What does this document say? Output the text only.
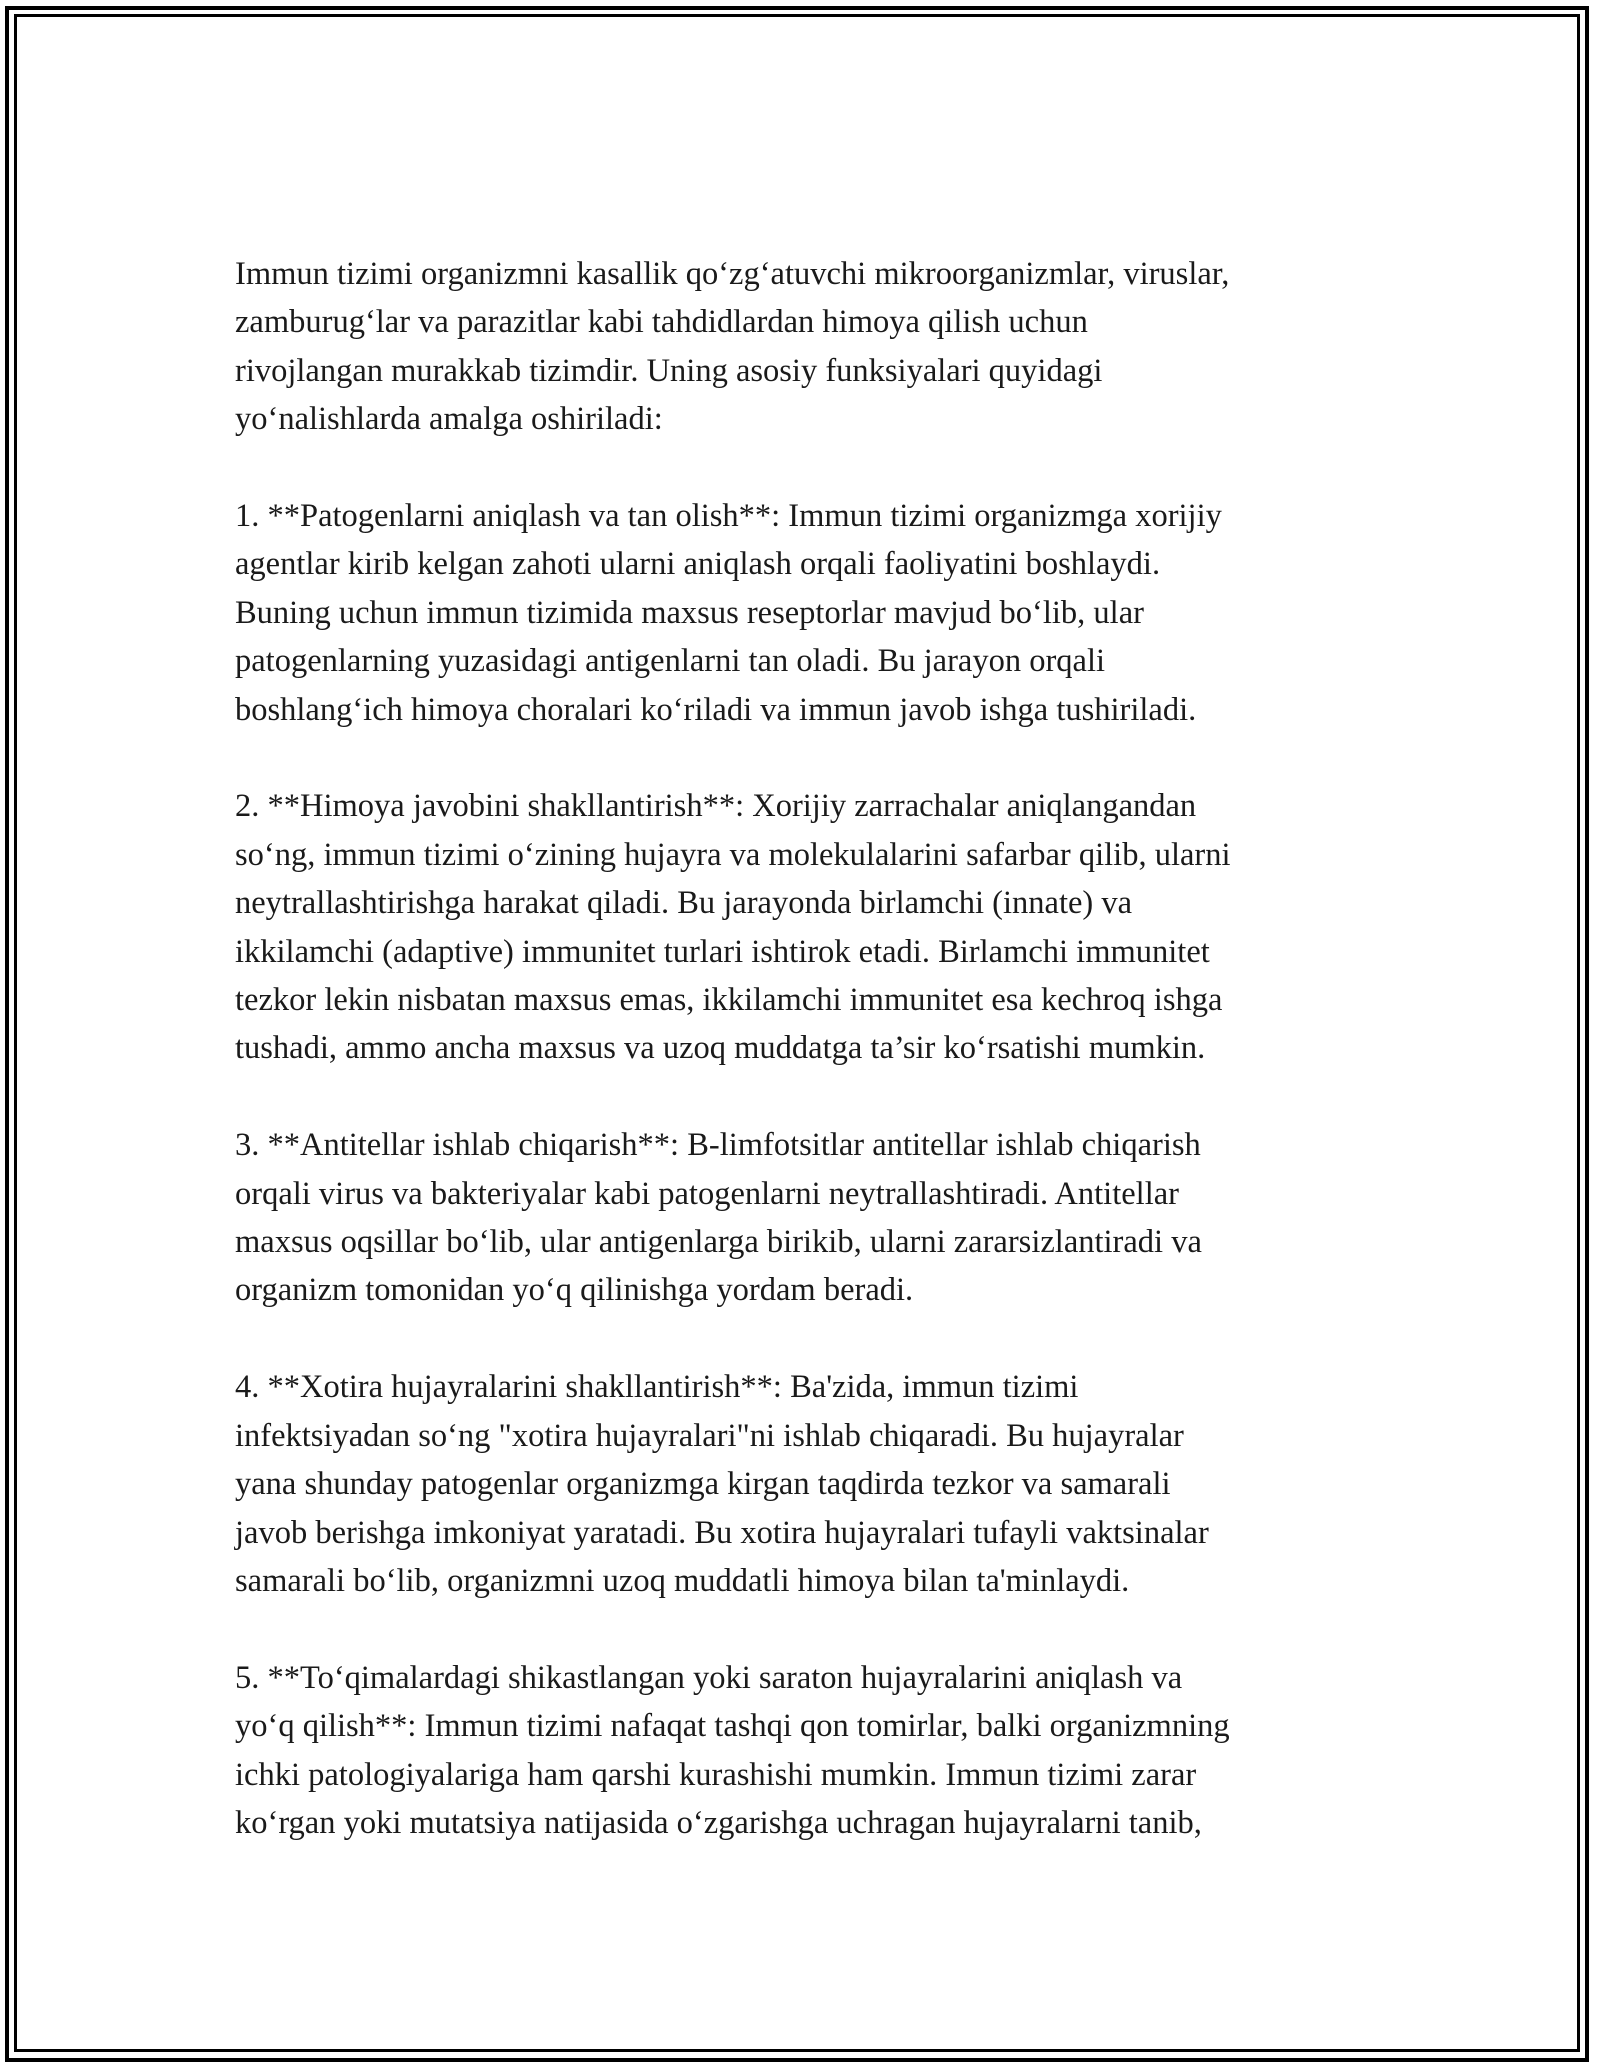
Immun tizimi organizmni kasallik qo‘zg‘atuvchi mikroorganizmlar, viruslar,
zamburug‘lar va parazitlar kabi tahdidlardan himoya qilish uchun
rivojlangan murakkab tizimdir. Uning asosiy funksiyalari quyidagi
yo‘nalishlarda amalga oshiriladi:

1. **Patogenlarni aniqlash va tan olish**: Immun tizimi organizmga xorijiy
agentlar kirib kelgan zahoti ularni aniqlash orqali faoliyatini boshlaydi.
Buning uchun immun tizimida maxsus reseptorlar mavjud bo‘lib, ular
patogenlarning yuzasidagi antigenlarni tan oladi. Bu jarayon orqali
boshlang‘ich himoya choralari ko‘riladi va immun javob ishga tushiriladi.

2. **Himoya javobini shakllantirish**: Xorijiy zarrachalar aniqlangandan
so‘ng, immun tizimi o‘zining hujayra va molekulalarini safarbar qilib, ularni
neytrallashtirishga harakat qiladi. Bu jarayonda birlamchi (innate) va
ikkilamchi (adaptive) immunitet turlari ishtirok etadi. Birlamchi immunitet
tezkor lekin nisbatan maxsus emas, ikkilamchi immunitet esa kechroq ishga
tushadi, ammo ancha maxsus va uzoq muddatga ta’sir ko‘rsatishi mumkin.

3. **Antitellar ishlab chiqarish**: B-limfotsitlar antitellar ishlab chiqarish
orqali virus va bakteriyalar kabi patogenlarni neytrallashtiradi. Antitellar
maxsus oqsillar bo‘lib, ular antigenlarga birikib, ularni zararsizlantiradi va
organizm tomonidan yo‘q qilinishga yordam beradi.

4. **Xotira hujayralarini shakllantirish**: Ba'zida, immun tizimi
infektsiyadan so‘ng "xotira hujayralari"ni ishlab chiqaradi. Bu hujayralar
yana shunday patogenlar organizmga kirgan taqdirda tezkor va samarali
javob berishga imkoniyat yaratadi. Bu xotira hujayralari tufayli vaktsinalar
samarali bo‘lib, organizmni uzoq muddatli himoya bilan ta'minlaydi.

5. **To‘qimalardagi shikastlangan yoki saraton hujayralarini aniqlash va
yo‘q qilish**: Immun tizimi nafaqat tashqi qon tomirlar, balki organizmning
ichki patologiyalariga ham qarshi kurashishi mumkin. Immun tizimi zarar
ko‘rgan yoki mutatsiya natijasida o‘zgarishga uchragan hujayralarni tanib,
